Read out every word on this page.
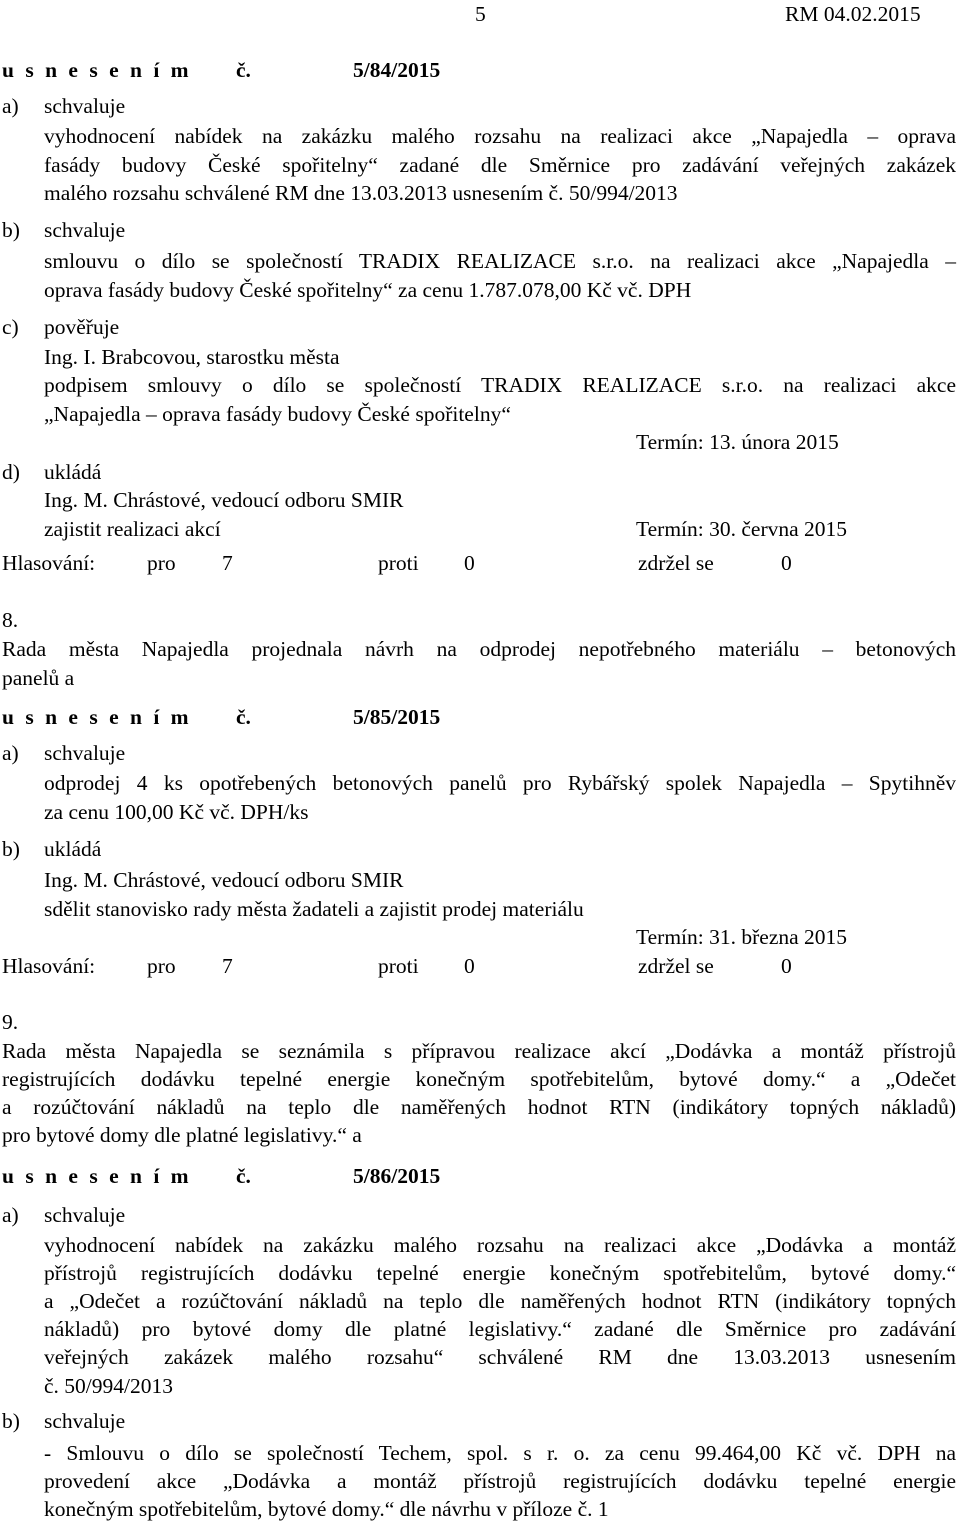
5	RM 04.02.2015
u s n e s e n í m č.	5/84/2015
a) schvaluje
vyhodnocení nabídek na zakázku malého rozsahu na realizaci akce „Napajedla – oprava
fasády budovy České spořitelny“ zadané dle Směrnice pro zadávání veřejných zakázek
malého rozsahu schválené RM dne 13.03.2013 usnesením č. 50/994/2013
b) schvaluje
smlouvu o dílo se společností TRADIX REALIZACE s.r.o. na realizaci akce „Napajedla –
oprava fasády budovy České spořitelny“ za cenu 1.787.078,00 Kč vč. DPH
c) pověřuje
Ing. I. Brabcovou, starostku města
podpisem smlouvy o dílo se společností TRADIX REALIZACE s.r.o. na realizaci akce
„Napajedla – oprava fasády budovy České spořitelny“
Termín: 13. února 2015
d) ukládá
Ing. M. Chrástové, vedoucí odboru SMIR
zajistit realizaci akcí	Termín: 30. června 2015
Hlasování: pro 7	proti 0	zdržel se	0
8.
Rada města Napajedla projednala návrh na odprodej nepotřebného materiálu – betonových
panelů a
u s n e s e n í m č.	5/85/2015
a) schvaluje
odprodej 4 ks opotřebených betonových panelů pro Rybářský spolek Napajedla – Spytihněv
za cenu 100,00 Kč vč. DPH/ks
b) ukládá
Ing. M. Chrástové, vedoucí odboru SMIR
sdělit stanovisko rady města žadateli a zajistit prodej materiálu
Termín: 31. března 2015
Hlasování: pro 7	proti 0	zdržel se	0
9.
Rada města Napajedla se seznámila s přípravou realizace akcí „Dodávka a montáž přístrojů
registrujících dodávku tepelné energie konečným spotřebitelům, bytové domy.“ a „Odečet
a rozúčtování nákladů na teplo dle naměřených hodnot RTN (indikátory topných nákladů)
pro bytové domy dle platné legislativy.“ a
u s n e s e n í m č.	5/86/2015
a) schvaluje
vyhodnocení nabídek na zakázku malého rozsahu na realizaci akce „Dodávka a montáž
přístrojů registrujících dodávku tepelné energie konečným spotřebitelům, bytové domy.“
a „Odečet a rozúčtování nákladů na teplo dle naměřených hodnot RTN (indikátory topných
nákladů) pro bytové domy dle platné legislativy.“ zadané dle Směrnice pro zadávání
veřejných zakázek malého rozsahu“ schválené RM dne 13.03.2013 usnesením
č. 50/994/2013
b) schvaluje
- Smlouvu o dílo se společností Techem, spol. s r. o. za cenu 99.464,00 Kč vč. DPH na
provedení akce „Dodávka a montáž přístrojů registrujících dodávku tepelné energie
konečným spotřebitelům, bytové domy.“ dle návrhu v příloze č. 1
